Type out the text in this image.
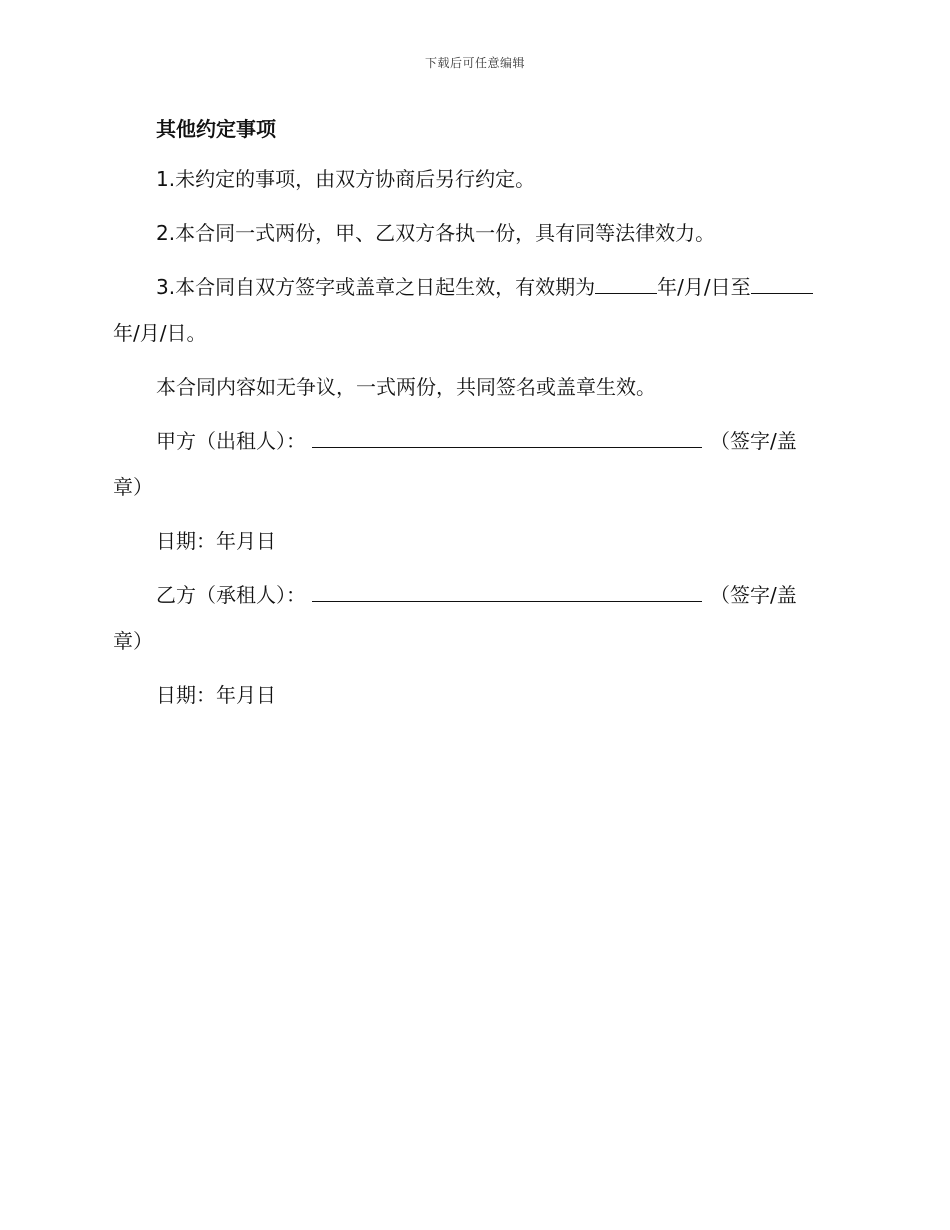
下载后可任意编辑

其他约定事项

1.未约定的事项，由双方协商后另行约定。

2.本合同一式两份，甲、乙双方各执一份，具有同等法律效力。

3.本合同自双方签字或盖章之日起生效，有效期为	年/月/日至年/月/日。

本合同内容如无争议，一式两份，共同签名或盖章生效。

甲方（出租人）：	（签字/盖章）

日期：年月日

乙方（承租人）：	（签字/盖章）

日期：年月日
